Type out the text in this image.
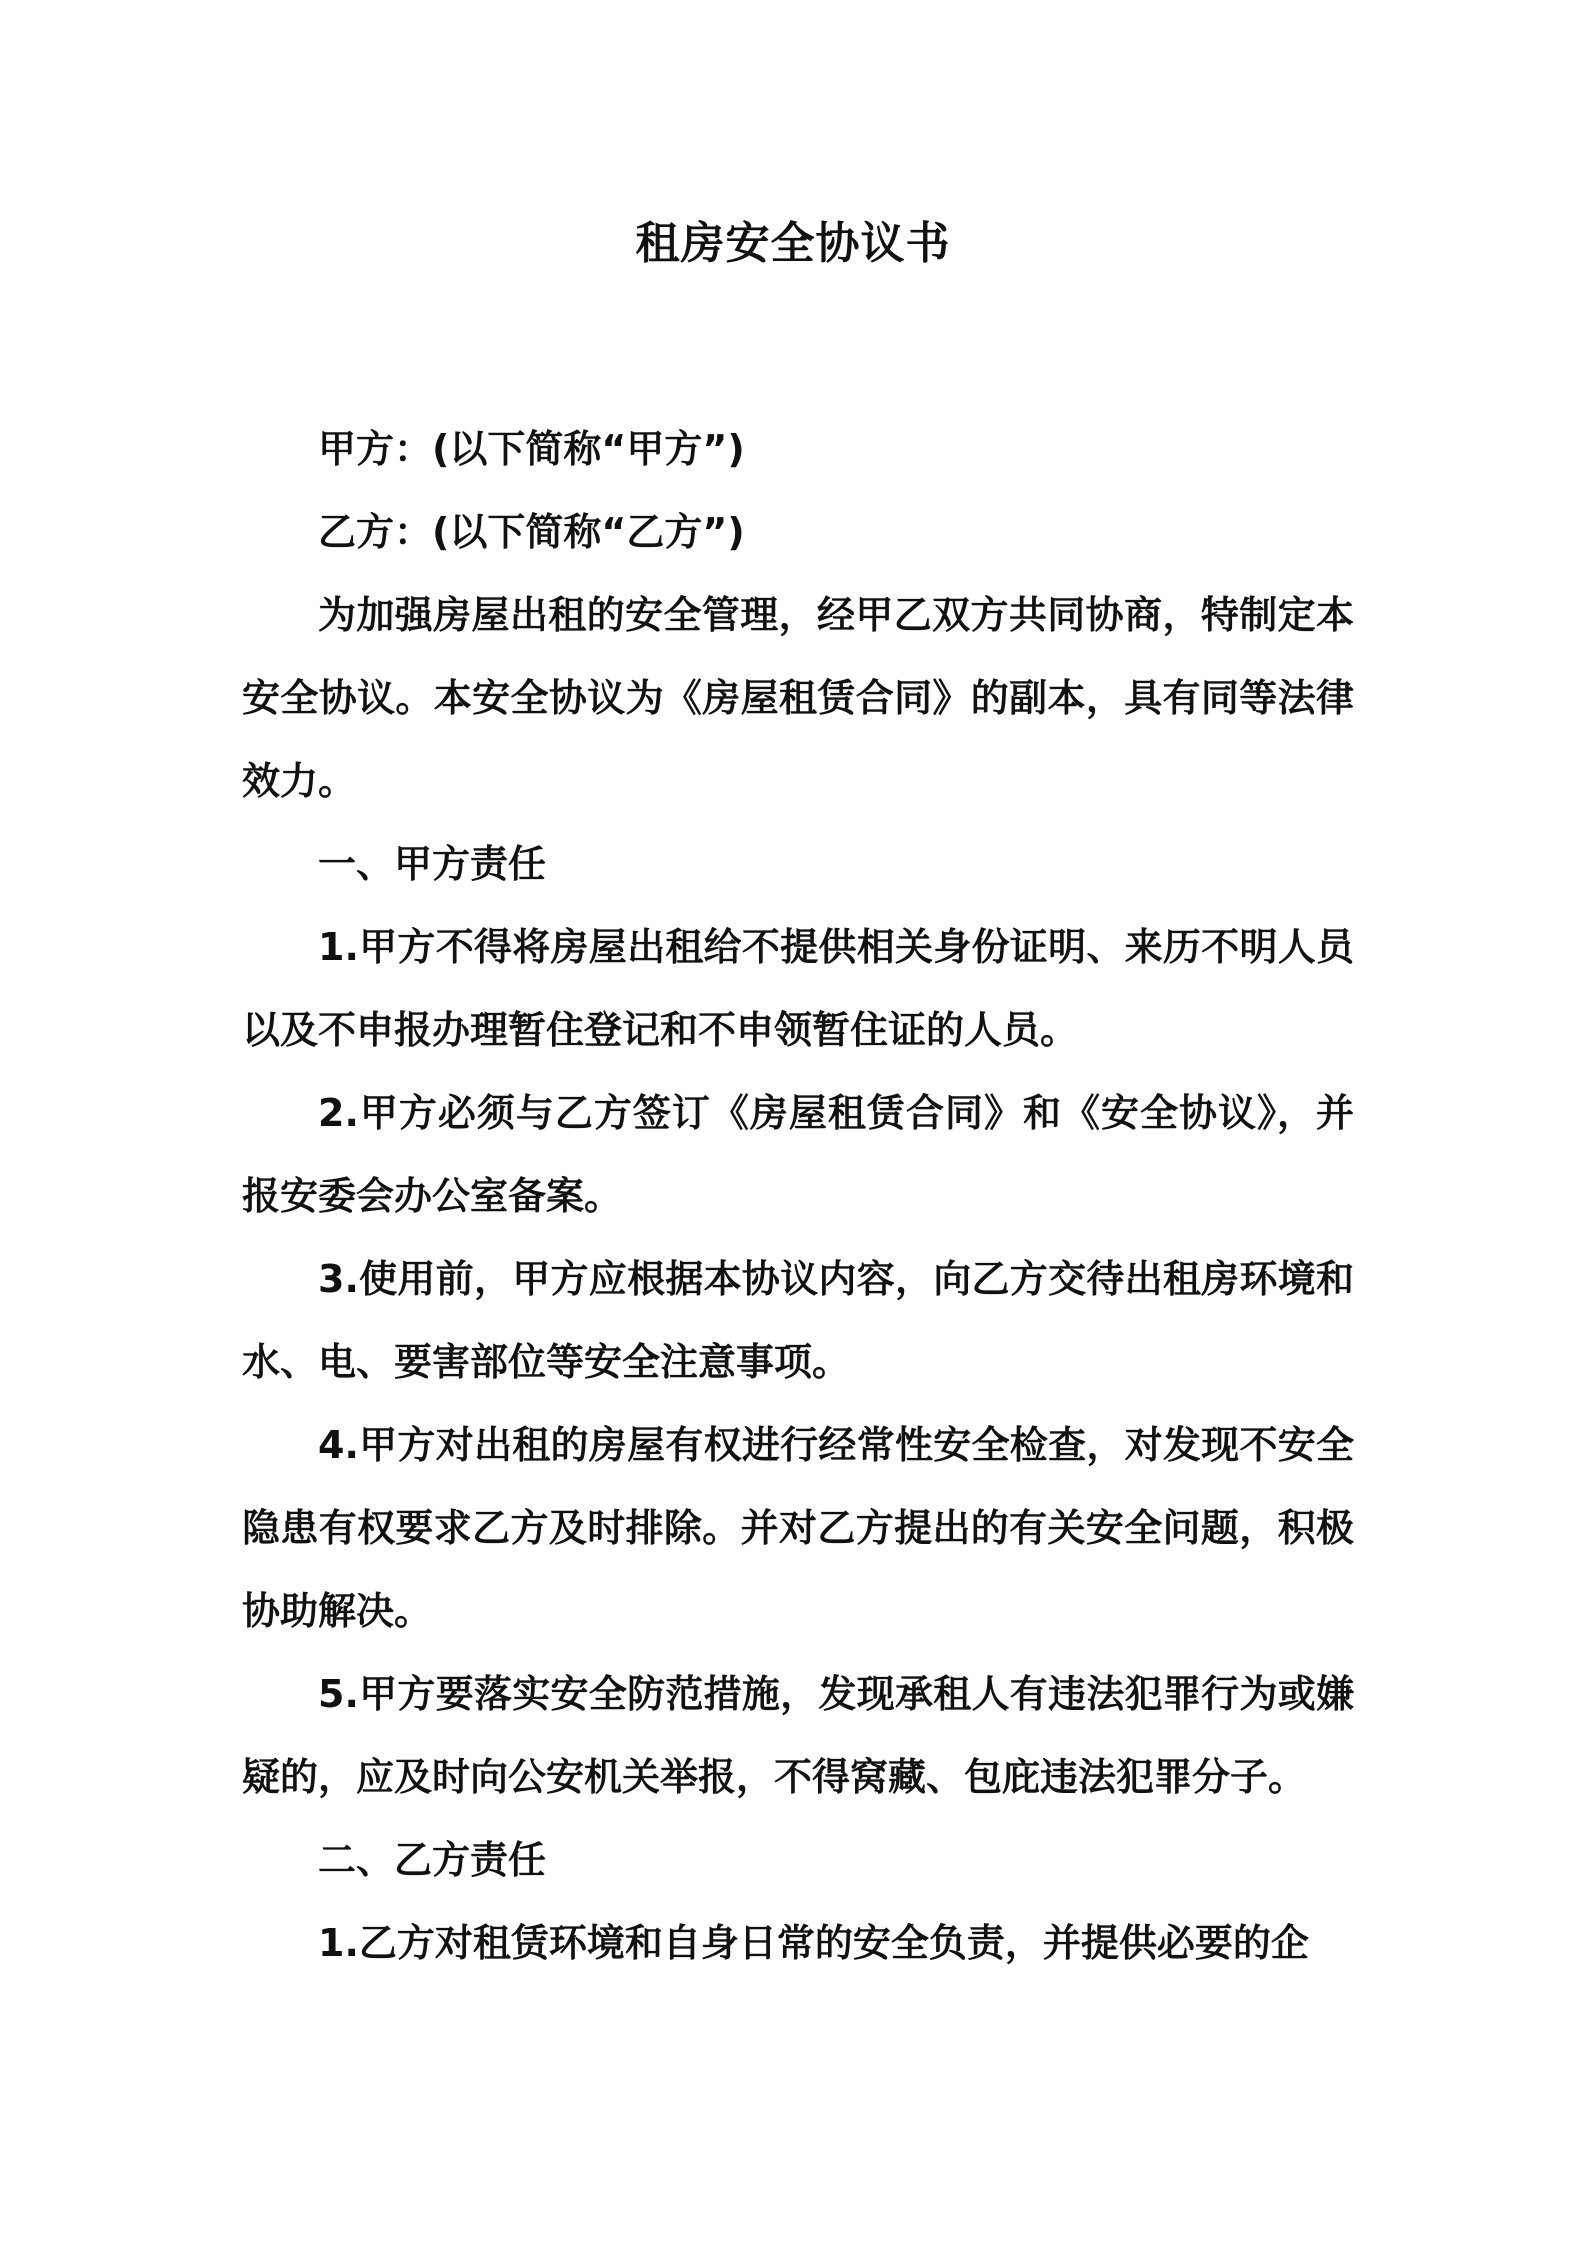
租房安全协议书

甲方：(以下简称“甲方”)

乙方：(以下简称“乙方”)

为加强房屋出租的安全管理，经甲乙双方共同协商，特制定本安全协议。本安全协议为《房屋租赁合同》的副本，具有同等法律效力。

一、甲方责任

1.甲方不得将房屋出租给不提供相关身份证明、来历不明人员以及不申报办理暂住登记和不申领暂住证的人员。

2.甲方必须与乙方签订《房屋租赁合同》和《安全协议》，并报安委会办公室备案。

3.使用前，甲方应根据本协议内容，向乙方交待出租房环境和水、电、要害部位等安全注意事项。

4.甲方对出租的房屋有权进行经常性安全检查，对发现不安全隐患有权要求乙方及时排除。并对乙方提出的有关安全问题，积极协助解决。

5.甲方要落实安全防范措施，发现承租人有违法犯罪行为或嫌疑的，应及时向公安机关举报，不得窝藏、包庇违法犯罪分子。

二、乙方责任

1.乙方对租赁环境和自身日常的安全负责，并提供必要的企
